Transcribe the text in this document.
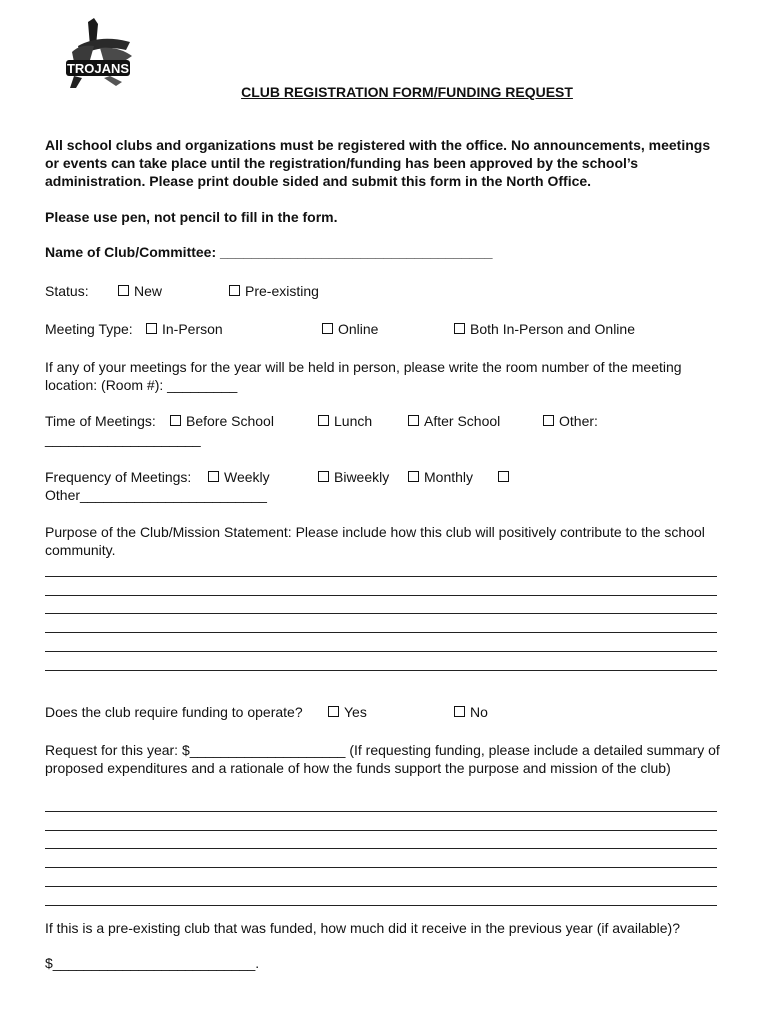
TROJANS
CLUB REGISTRATION FORM/FUNDING REQUEST
All school clubs and organizations must be registered with the office. No announcements, meetings or events can take place until the registration/funding has been approved by the school’s administration. Please print double sided and submit this form in the North Office.
Please use pen, not pencil to fill in the form.
Name of Club/Committee: ___________________________________
Status:	New	Pre-existing
Meeting Type:	In-Person	Online	Both In-Person and Online
If any of your meetings for the year will be held in person, please write the room number of the meeting location: (Room #): _________
Time of Meetings:	Before School	Lunch	After School	Other:
____________________
Frequency of Meetings:	Weekly	Biweekly	Monthly
Other________________________
Purpose of the Club/Mission Statement: Please include how this club will positively contribute to the school community.
Does the club require funding to operate?	Yes	No
Request for this year: $____________________ (If requesting funding, please include a detailed summary of proposed expenditures and a rationale of how the funds support the purpose and mission of the club)
If this is a pre-existing club that was funded, how much did it receive in the previous year (if available)?
$__________________________.
